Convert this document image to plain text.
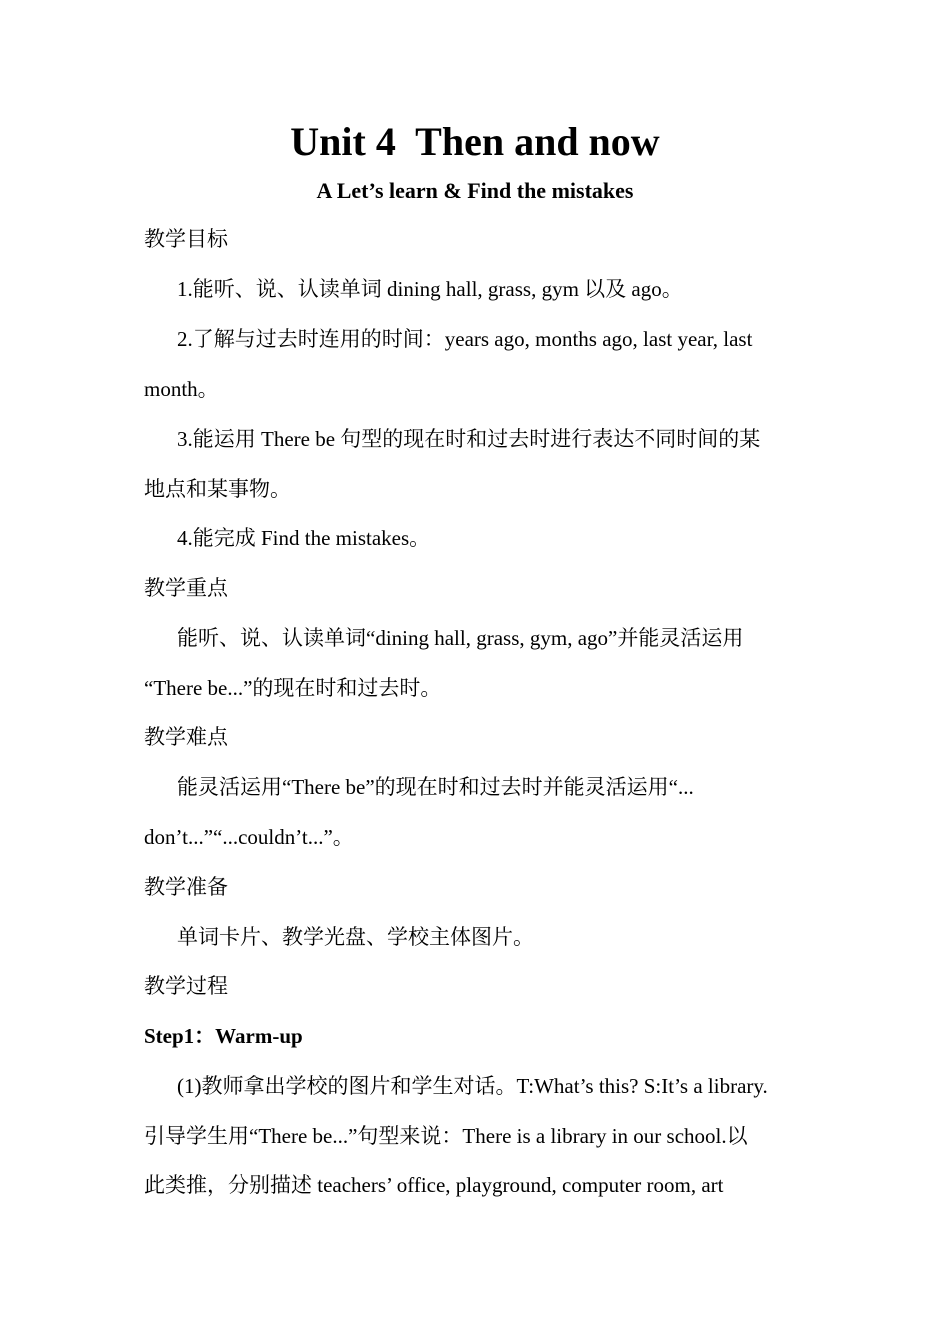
Unit 4  Then and now
A Let’s learn & Find the mistakes
教学目标
1.能听、说、认读单词 dining hall, grass, gym 以及 ago。
2.了解与过去时连用的时间：years ago, months ago, last year, last
month。
3.能运用 There be 句型的现在时和过去时进行表达不同时间的某
地点和某事物。
4.能完成 Find the mistakes。
教学重点
能听、说、认读单词“dining hall, grass, gym, ago”并能灵活运用
“There be...”的现在时和过去时。
教学难点
能灵活运用“There be”的现在时和过去时并能灵活运用“...
don’t...”“...couldn’t...”。
教学准备
单词卡片、教学光盘、学校主体图片。
教学过程
Step1：Warm-up
(1)教师拿出学校的图片和学生对话。T:What’s this? S:It’s a library.
引导学生用“There be...”句型来说：There is a library in our school.以
此类推，分别描述 teachers’ office, playground, computer room, art
